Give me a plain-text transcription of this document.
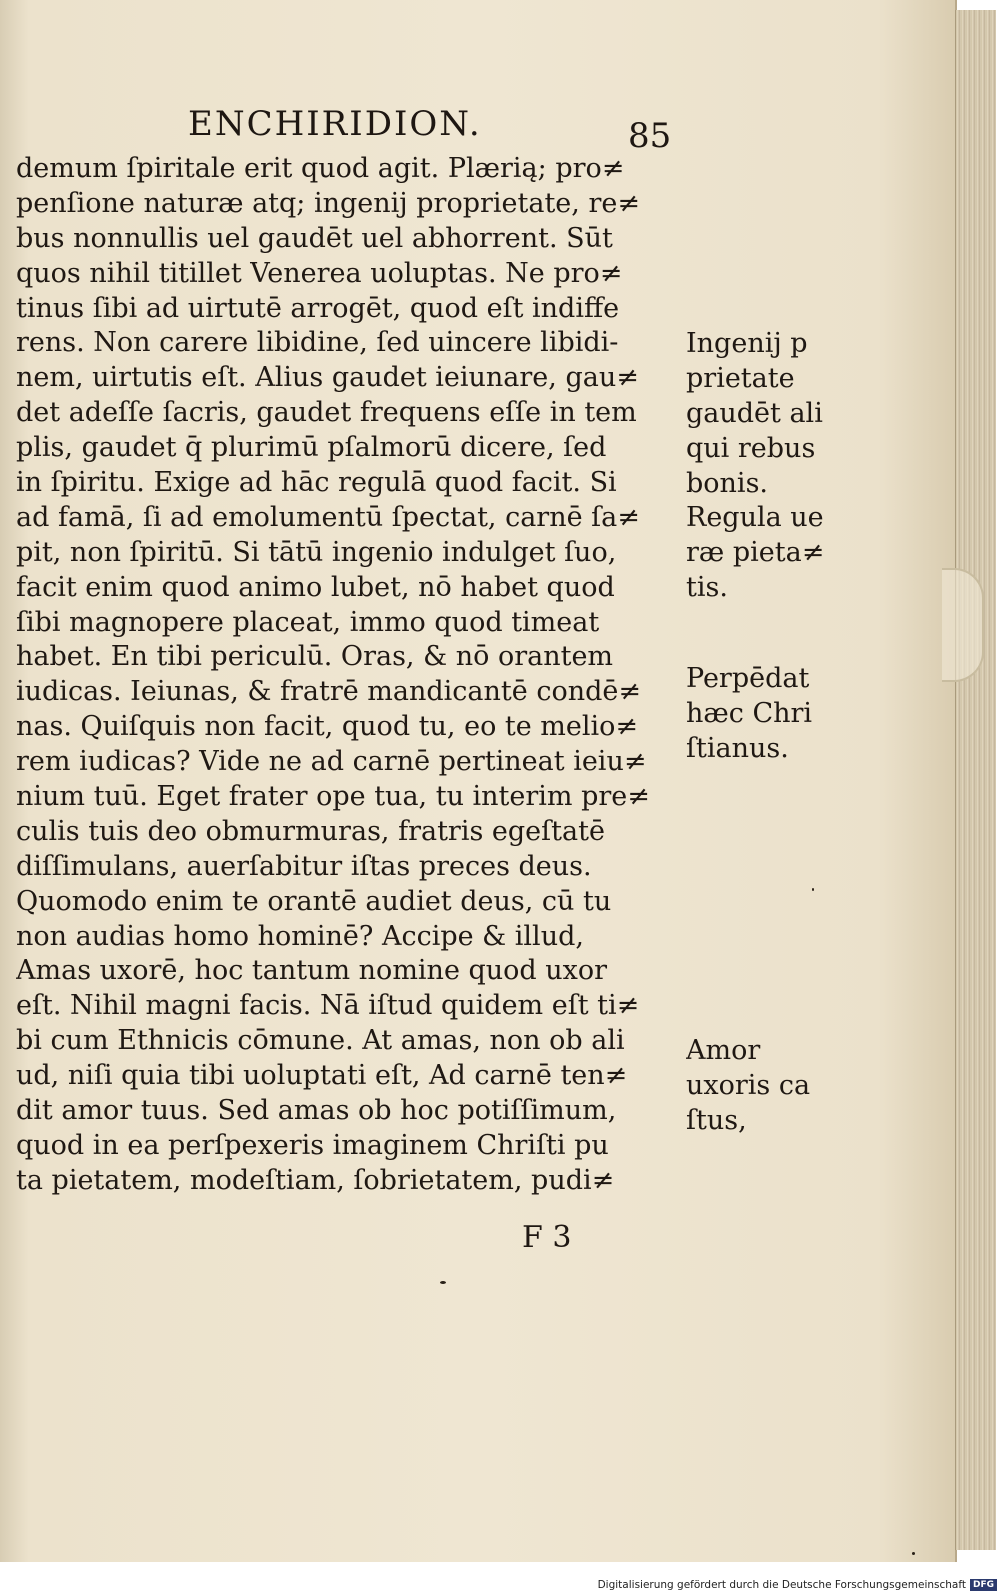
ENCHIRIDION.	85
demum ſpiritale erit quod agit. Plærią; pro≠
penſione naturæ atq; ingenij proprietate, re≠
bus nonnullis uel gaudēt uel abhorrent. Sūt
quos nihil titillet Venerea uoluptas. Ne pro≠
tinus ſibi ad uirtutē arrogēt, quod eſt indiffe
rens. Non carere libidine, ſed uincere libidi-
nem, uirtutis eſt. Alius gaudet ieiunare, gau≠
det adeſſe ſacris, gaudet frequens eſſe in tem
plis, gaudet q̄ plurimū pſalmorū dicere, ſed
in ſpiritu. Exige ad hāc regulā quod facit. Si
ad famā, ſi ad emolumentū ſpectat, carnē ſa≠
pit, non ſpiritū. Si tātū ingenio indulget ſuo,
facit enim quod animo lubet, nō habet quod
ſibi magnopere placeat, immo quod timeat
habet. En tibi periculū. Oras, & nō orantem
iudicas. Ieiunas, & fratrē mandicantē condē≠
nas. Quiſquis non facit, quod tu, eo te melio≠
rem iudicas? Vide ne ad carnē pertineat ieiu≠
nium tuū. Eget frater ope tua, tu interim pre≠
culis tuis deo obmurmuras, fratris egeſtatē
diſſimulans, auerſabitur iſtas preces deus.
Quomodo enim te orantē audiet deus, cū tu
non audias homo hominē? Accipe & illud,
Amas uxorē, hoc tantum nomine quod uxor
eſt. Nihil magni facis. Nā iſtud quidem eſt ti≠
bi cum Ethnicis cōmune. At amas, non ob ali
ud, niſi quia tibi uoluptati eſt, Ad carnē ten≠
dit amor tuus. Sed amas ob hoc potiſſimum,
quod in ea perſpexeris imaginem Chriſti pu
ta pietatem, modeſtiam, ſobrietatem, pudi≠
Ingenij p
prietate
gaudēt ali
qui rebus
bonis.
Regula ue
ræ pieta≠
tis.
Perpēdat
hæc Chri
ſtianus.
Amor
uxoris ca
ſtus,
F 3
Digitalisierung gefördert durch die Deutsche Forschungsgemeinschaft DFG
